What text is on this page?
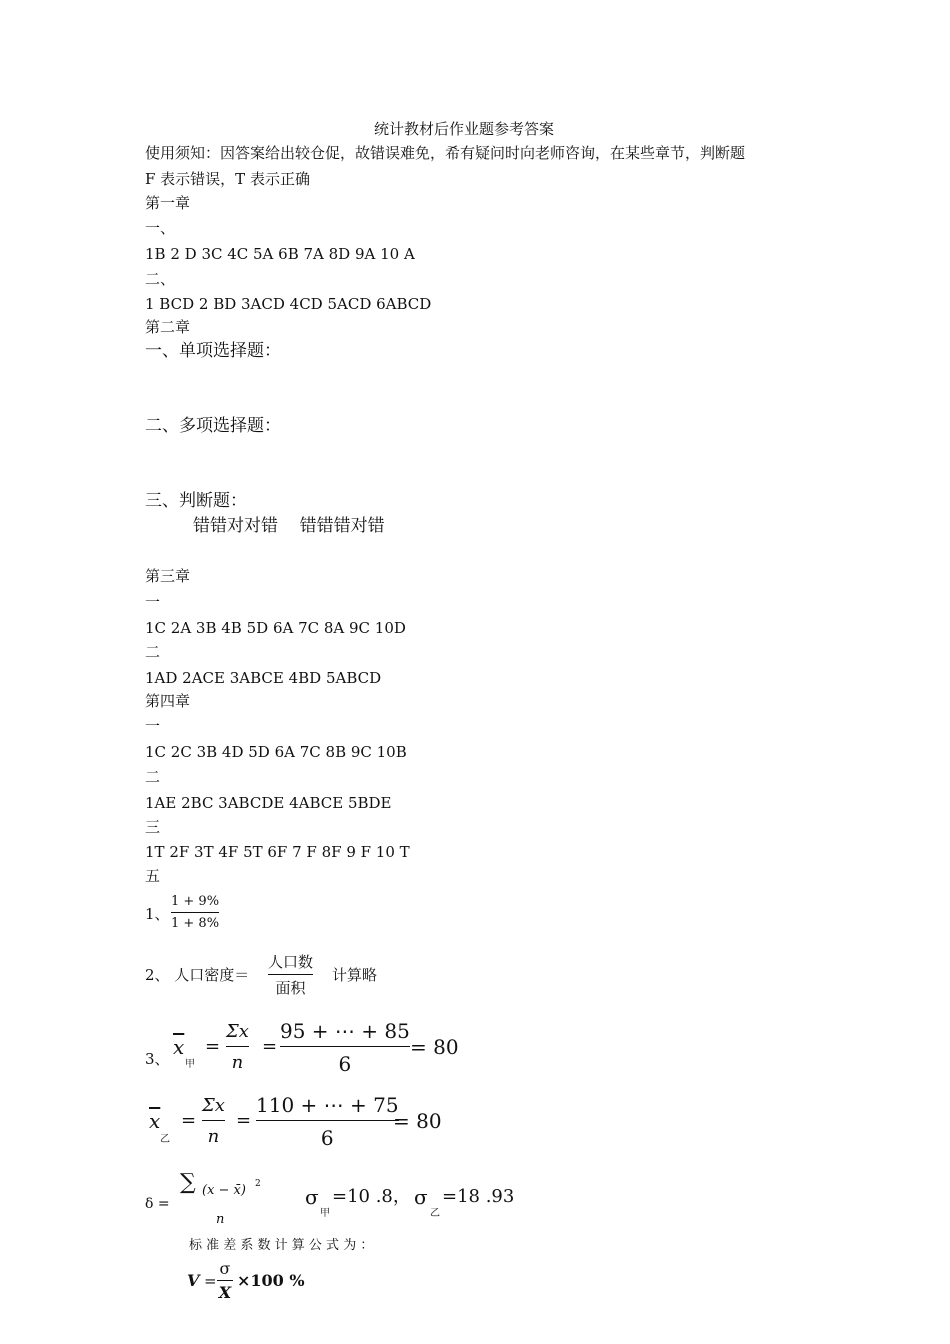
统计教材后作业题参考答案
使用须知：因答案给出较仓促，故错误难免，希有疑问时向老师咨询，在某些章节，判断题
F 表示错误，T 表示正确
第一章
一、
1B 2 D 3C 4C 5A 6B 7A 8D 9A 10 A
二、
1 BCD 2 BD 3ACD 4CD 5ACD 6ABCD
第二章
一、单项选择题：
二、多项选择题：
三、判断题：
错错对对错    错错错对错
第三章
一
1C 2A 3B 4B 5D 6A 7C 8A 9C 10D
二
1AD 2ACE 3ABCE 4BD 5ABCD
第四章
一
1C 2C 3B 4D 5D 6A 7C 8B 9C 10B
二
1AE 2BC 3ABCDE 4ABCE 5BDE
三
1T 2F 3T 4F 5T 6F 7 F 8F 9 F 10 T
五
1、
1 + 9%
1 + 8%
2、 人口密度＝
人口数
面积
计算略
3、 $\overline{x}$
甲
=
Σx
n
=
95 + ⋯ + 85
6
= 80
$\overline{x}$
乙
=
Σx
n
=
110 + ⋯ + 75
6
= 80
δ =
∑ (x − x̄) 2
n
σ
甲
=10 .8， σ
乙
=18 .93
标 准 差 系 数 计 算 公 式 为 ：
V =
σ
X
×100 %
